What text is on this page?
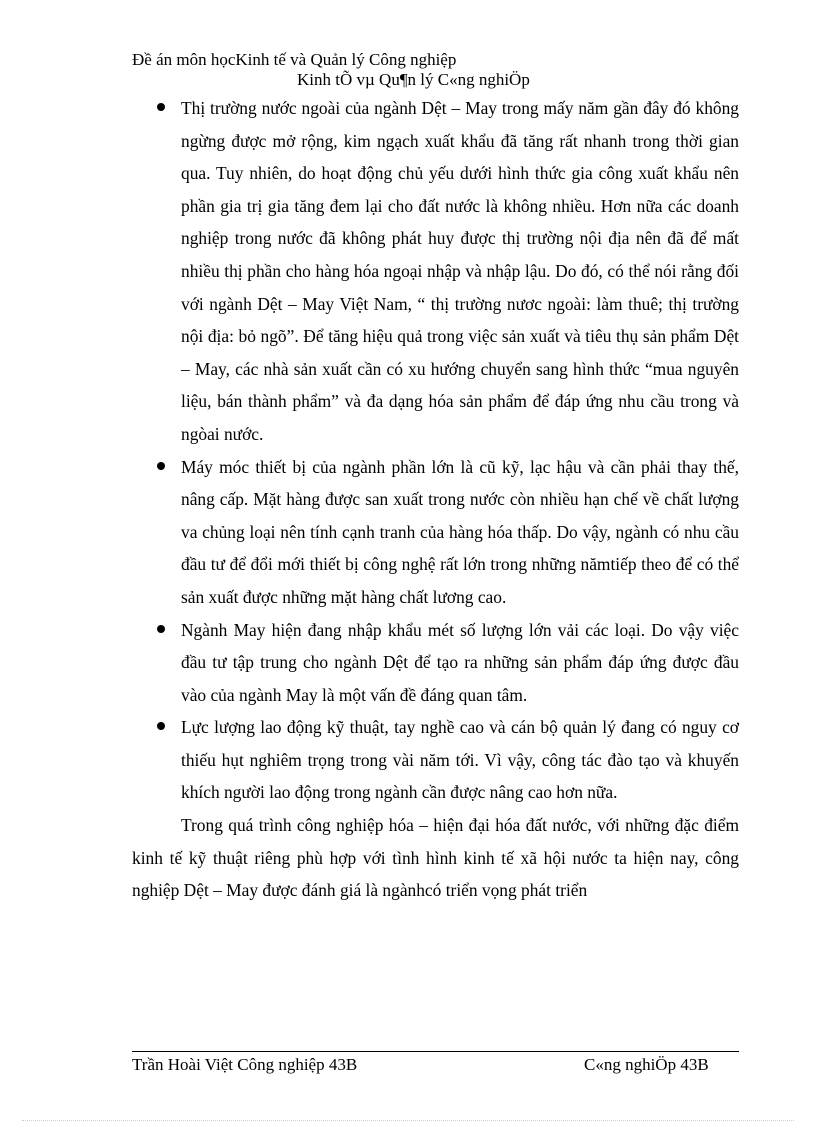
Đề án môn họcKinh tế và Quản lý Công nghiệp
Kinh tÕ vµ Qu¶n lý C«ng nghiÖp
Thị trường nước ngoài của ngành Dệt – May trong mấy năm gần đây đó không ngừng được mở rộng, kim ngạch xuất khẩu đã tăng rất nhanh trong thời gian qua. Tuy nhiên, do hoạt động chủ yếu dưới hình thức gia công xuất khẩu nên phần gia trị gia tăng đem lại cho đất nước là không nhiều. Hơn nữa các doanh nghiệp trong nước đã không phát huy được thị trường nội địa nên đã để mất nhiều thị phần cho hàng hóa ngoại nhập và nhập lậu. Do đó, có thể nói rằng đối với ngành Dệt – May Việt Nam, “ thị trường nươc ngoài: làm thuê; thị trường nội địa: bỏ ngõ”. Để tăng hiệu quả trong việc sản xuất và tiêu thụ sản phẩm Dệt – May, các nhà sản xuất cần có xu hướng chuyển sang hình thức “mua nguyên liệu, bán thành phẩm” và đa dạng hóa sản phẩm để đáp ứng nhu cầu trong và ngòai nước.
Máy móc thiết bị của ngành phần lớn là cũ kỹ, lạc hậu và cần phải thay thế, nâng cấp. Mặt hàng được san xuất trong nước còn nhiều hạn chế về chất lượng va chủng loại nên tính cạnh tranh của hàng hóa thấp. Do vậy, ngành có nhu cầu đầu tư để đổi mới thiết bị công nghệ rất lớn trong những nămtiếp theo để có thể sản xuất được những mặt hàng chất lương cao.
Ngành May hiện đang nhập khẩu mét số lượng lớn vải các loại. Do vậy việc đầu tư tập trung cho ngành Dệt để tạo ra những sản phẩm đáp ứng được đầu vào của ngành May là một vấn đề đáng quan tâm.
Lực lượng lao động kỹ thuật, tay nghề cao và cán bộ quản lý đang có nguy cơ thiếu hụt nghiêm trọng trong vài năm tới. Vì vậy, công tác đào tạo và khuyến khích người lao động trong ngành cần được nâng cao hơn nữa.

Trong quá trình công nghiệp hóa – hiện đại hóa đất nước, với những đặc điểm kinh tế kỹ thuật riêng phù hợp với tình hình kinh tế xã hội nước ta hiện nay, công nghiệp Dệt – May được đánh giá là ngànhcó triển vọng phát triển

Trần Hoài Việt Công nghiệp 43B	C«ng nghiÖp 43B
